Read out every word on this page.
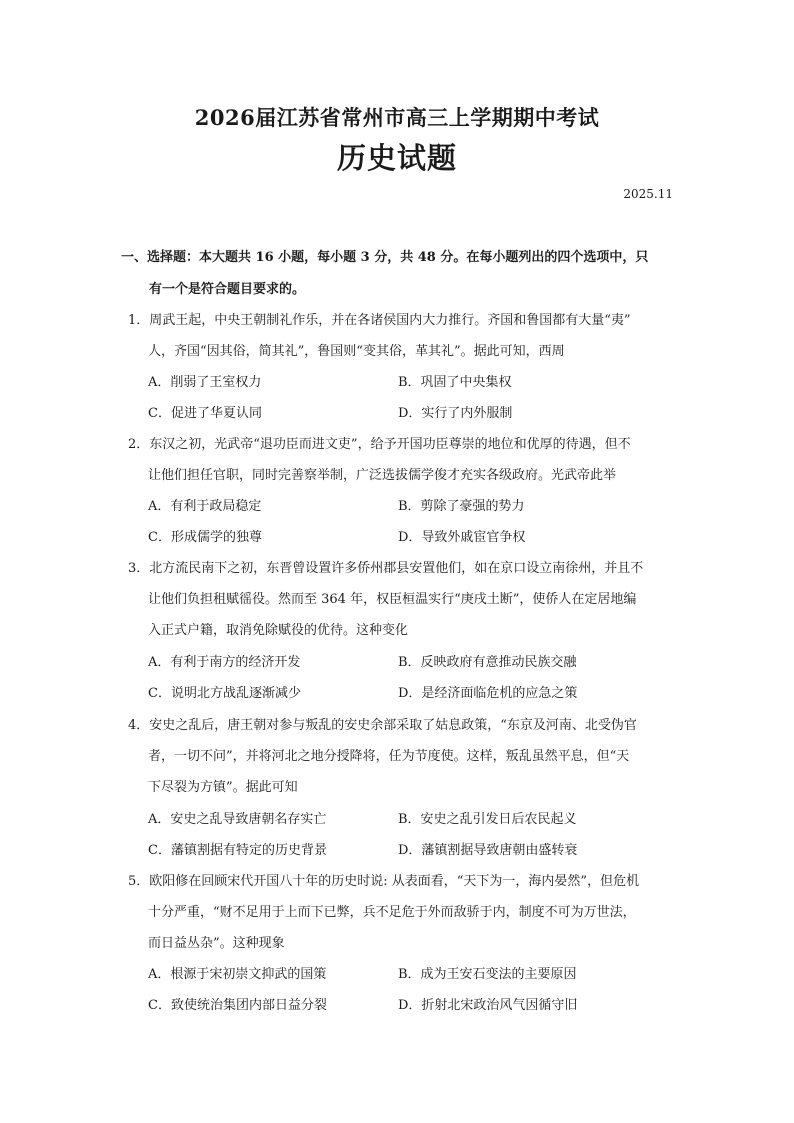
2026届江苏省常州市高三上学期期中考试
历史试题
2025.11
一、选择题：本大题共 16 小题，每小题 3 分，共 48 分。在每小题列出的四个选项中，只
有一个是符合题目要求的。
1．周武王起，中央王朝制礼作乐，并在各诸侯国内大力推行。齐国和鲁国都有大量“夷”
人，齐国“因其俗，简其礼”，鲁国则“变其俗，革其礼”。据此可知，西周
A．削弱了王室权力	B．巩固了中央集权
C．促进了华夏认同	D．实行了内外服制
2．东汉之初，光武帝“退功臣而进文吏”，给予开国功臣尊崇的地位和优厚的待遇，但不
让他们担任官职，同时完善察举制，广泛选拔儒学俊才充实各级政府。光武帝此举
A．有利于政局稳定	B．剪除了豪强的势力
C．形成儒学的独尊	D．导致外戚宦官争权
3．北方流民南下之初，东晋曾设置许多侨州郡县安置他们，如在京口设立南徐州，并且不
让他们负担租赋徭役。然而至 364 年，权臣桓温实行“庚戌土断”，使侨人在定居地编
入正式户籍，取消免除赋役的优待。这种变化
A．有利于南方的经济开发	B．反映政府有意推动民族交融
C．说明北方战乱逐渐减少	D．是经济面临危机的应急之策
4．安史之乱后，唐王朝对参与叛乱的安史余部采取了姑息政策，“东京及河南、北受伪官
者，一切不问”，并将河北之地分授降将，任为节度使。这样，叛乱虽然平息，但“天
下尽裂为方镇”。据此可知
A．安史之乱导致唐朝名存实亡	B．安史之乱引发日后农民起义
C．藩镇割据有特定的历史背景	D．藩镇割据导致唐朝由盛转衰
5．欧阳修在回顾宋代开国八十年的历史时说: 从表面看，“天下为一，海内晏然”，但危机
十分严重，“财不足用于上而下已弊，兵不足危于外而敌骄于内，制度不可为万世法，
而日益丛杂”。这种现象
A．根源于宋初崇文抑武的国策	B．成为王安石变法的主要原因
C．致使统治集团内部日益分裂	D．折射北宋政治风气因循守旧
